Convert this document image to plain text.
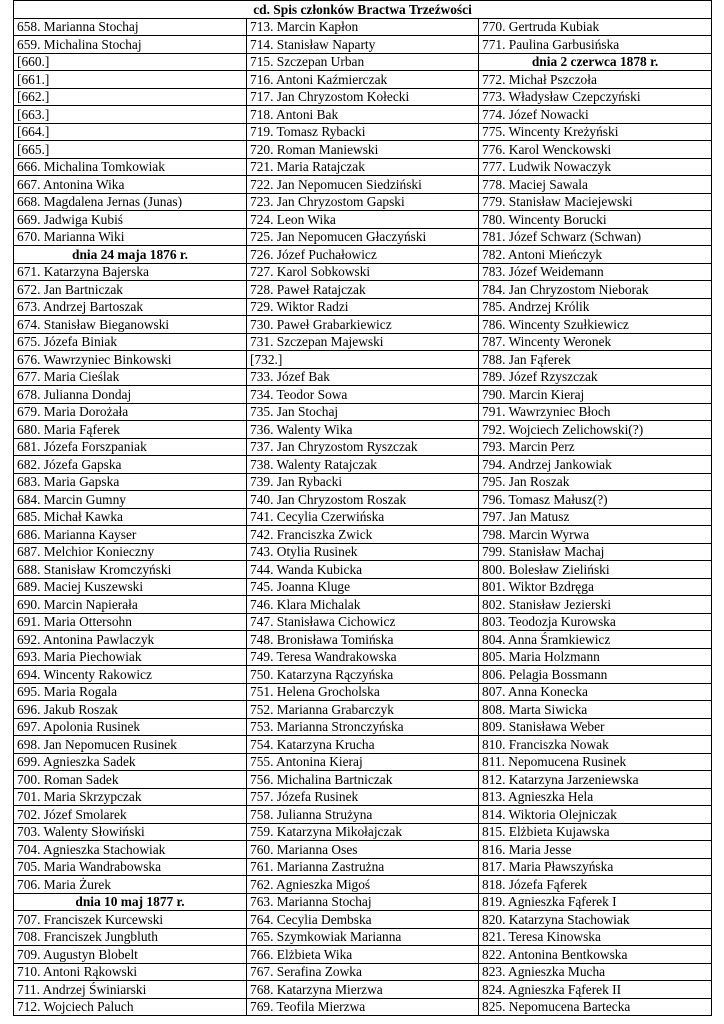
cd. Spis członków Bractwa Trzeźwości		
658. Marianna Stochaj	713. Marcin Kapłon	770. Gertruda Kubiak
659. Michalina Stochaj	714. Stanisław Naparty	771. Paulina Garbusińska
[660.]	715. Szczepan Urban	dnia 2 czerwca 1878 r.
[661.]	716. Antoni Kaźmierczak	772. Michał Pszczoła
[662.]	717. Jan Chryzostom Kołecki	773. Władysław Czepczyński
[663.]	718. Antoni Bak	774. Józef Nowacki
[664.]	719. Tomasz Rybacki	775. Wincenty Kreżyński
[665.]	720. Roman Maniewski	776. Karol Wenckowski
666. Michalina Tomkowiak	721. Maria Ratajczak	777. Ludwik Nowaczyk
667. Antonina Wika	722. Jan Nepomucen Siedziński	778. Maciej Sawala
668. Magdalena Jernas (Junas)	723. Jan Chryzostom Gapski	779. Stanisław Maciejewski
669. Jadwiga Kubiś	724. Leon Wika	780. Wincenty Borucki
670. Marianna Wiki	725. Jan Nepomucen Głaczyński	781. Józef Schwarz (Schwan)
dnia 24 maja 1876 r.	726. Józef Puchałowicz	782. Antoni Mieńczyk
671. Katarzyna Bajerska	727. Karol Sobkowski	783. Józef Weidemann
672. Jan Bartniczak	728. Paweł Ratajczak	784. Jan Chryzostom Nieborak
673. Andrzej Bartoszak	729. Wiktor Radzi	785. Andrzej Królik
674. Stanisław Bieganowski	730. Paweł Grabarkiewicz	786. Wincenty Szułkiewicz
675. Józefa Biniak	731. Szczepan Majewski	787. Wincenty Weronek
676. Wawrzyniec Binkowski	[732.]	788. Jan Fąferek
677. Maria Cieślak	733. Józef Bak	789. Józef Rzyszczak
678. Julianna Dondaj	734. Teodor Sowa	790. Marcin Kieraj
679. Maria Dorożała	735. Jan Stochaj	791. Wawrzyniec Błoch
680. Maria Fąferek	736. Walenty Wika	792. Wojciech Zelichowski(?)
681. Józefa Forszpaniak	737. Jan Chryzostom Ryszczak	793. Marcin Perz
682. Józefa Gapska	738. Walenty Ratajczak	794. Andrzej Jankowiak
683. Maria Gapska	739. Jan Rybacki	795. Jan Roszak
684. Marcin Gumny	740. Jan Chryzostom Roszak	796. Tomasz Małusz(?)
685. Michał Kawka	741. Cecylia Czerwińska	797. Jan Matusz
686. Marianna Kayser	742. Franciszka Zwick	798. Marcin Wyrwa
687. Melchior Konieczny	743. Otylia Rusinek	799. Stanisław Machaj
688. Stanisław Kromczyński	744. Wanda Kubicka	800. Bolesław Zieliński
689. Maciej Kuszewski	745. Joanna Kluge	801. Wiktor Bzdręga
690. Marcin Napierała	746. Klara Michalak	802. Stanisław Jezierski
691. Maria Ottersohn	747. Stanisława Cichowicz	803. Teodozja Kurowska
692. Antonina Pawlaczyk	748. Bronisława Tomińska	804. Anna Śramkiewicz
693. Maria Piechowiak	749. Teresa Wandrakowska	805. Maria Holzmann
694. Wincenty Rakowicz	750. Katarzyna Rączyńska	806. Pelagia Bossmann
695. Maria Rogala	751. Helena Grocholska	807. Anna Konecka
696. Jakub Roszak	752. Marianna Grabarczyk	808. Marta Siwicka
697. Apolonia Rusinek	753. Marianna Stronczyńska	809. Stanisława Weber
698. Jan Nepomucen Rusinek	754. Katarzyna Krucha	810. Franciszka Nowak
699. Agnieszka Sadek	755. Antonina Kieraj	811. Nepomucena Rusinek
700. Roman Sadek	756. Michalina Bartniczak	812. Katarzyna Jarzeniewska
701. Maria Skrzypczak	757. Józefa Rusinek	813. Agnieszka Hela
702. Józef Smolarek	758. Julianna Strużyna	814. Wiktoria Olejniczak
703. Walenty Słowiński	759. Katarzyna Mikołajczak	815. Elżbieta Kujawska
704. Agnieszka Stachowiak	760. Marianna Oses	816. Maria Jesse
705. Maria Wandrabowska	761. Marianna Zastrużna	817. Maria Pławszyńska
706. Maria Żurek	762. Agnieszka Migoś	818. Józefa Fąferek
dnia 10 maj 1877 r.	763. Marianna Stochaj	819. Agnieszka Fąferek I
707. Franciszek Kurcewski	764. Cecylia Dembska	820. Katarzyna Stachowiak
708. Franciszek Jungbluth	765. Szymkowiak Marianna	821. Teresa Kinowska
709. Augustyn Blobelt	766. Elżbieta Wika	822. Antonina Bentkowska
710. Antoni Rąkowski	767. Serafina Zowka	823. Agnieszka Mucha
711. Andrzej Świniarski	768. Katarzyna Mierzwa	824. Agnieszka Fąferek II
712. Wojciech Paluch	769. Teofila Mierzwa	825. Nepomucena Bartecka
